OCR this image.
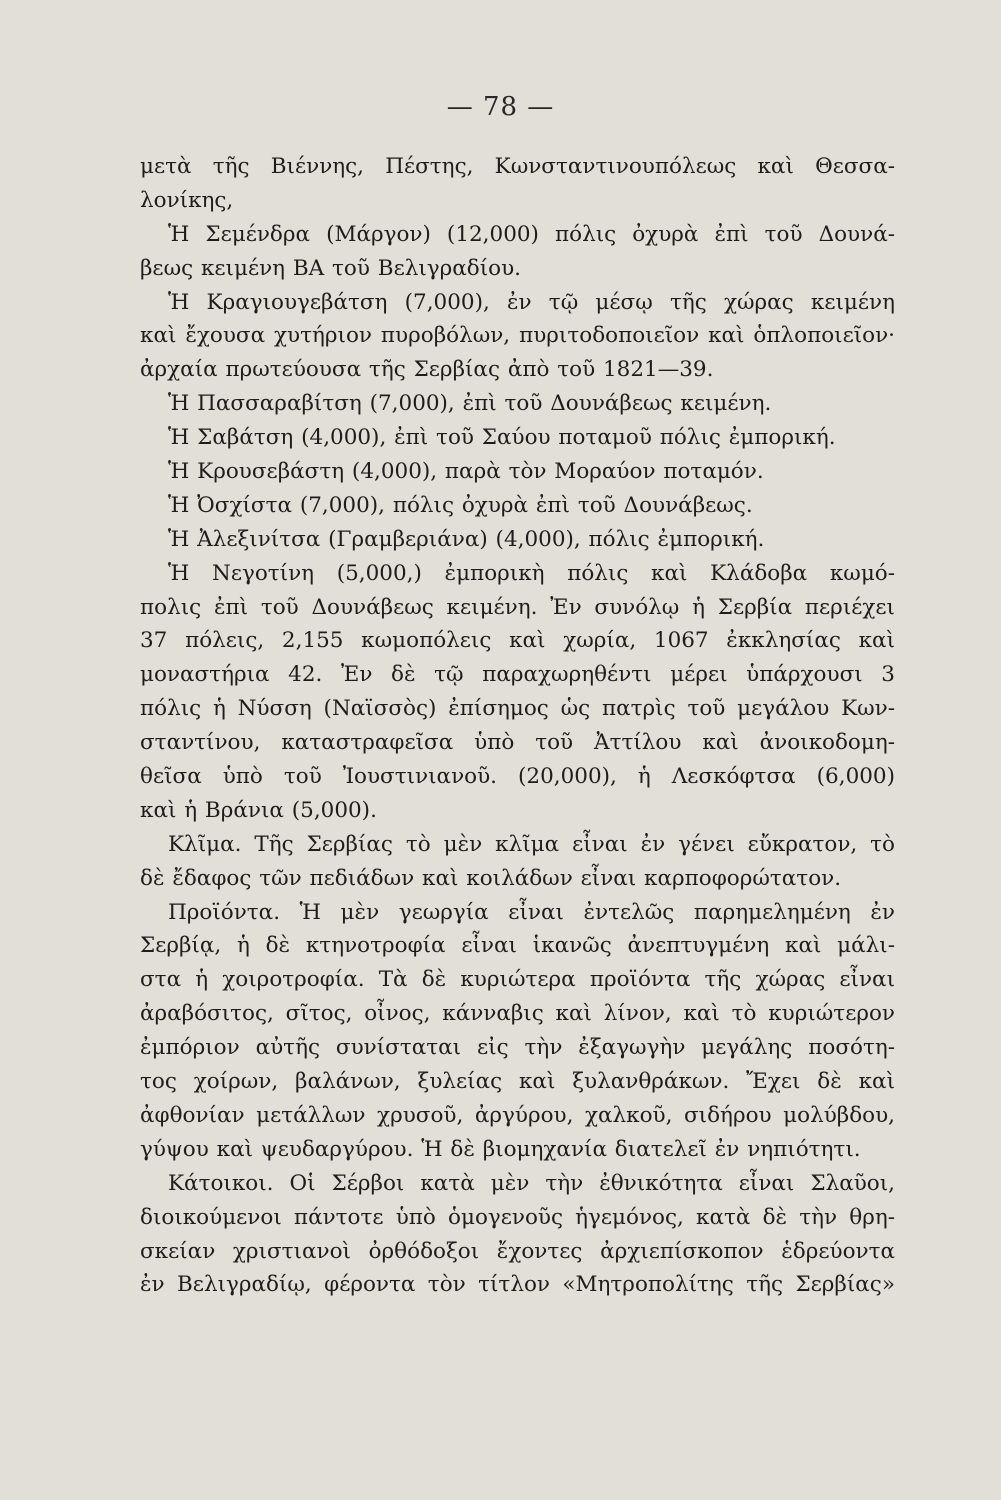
— 78 —
μετὰ τῆς Βιέννης, Πέστης, Κωνσταντινουπόλεως καὶ Θεσσα-
λονίκης,
Ἡ Σεμένδρα (Μάργον) (12,000) πόλις ὀχυρὰ ἐπὶ τοῦ Δουνά-
βεως κειμένη ΒΑ τοῦ Βελιγραδίου.
Ἡ Κραγιουγεβάτση (7,000), ἐν τῷ μέσῳ τῆς χώρας κειμένη
καὶ ἔχουσα χυτήριον πυροβόλων, πυριτοδοποιεῖον καὶ ὁπλοποιεῖον·
ἀρχαία πρωτεύουσα τῆς Σερβίας ἀπὸ τοῦ 1821—39.
Ἡ Πασσαραβίτση (7,000), ἐπὶ τοῦ Δουνάβεως κειμένη.
Ἡ Σαβάτση (4,000), ἐπὶ τοῦ Σαύου ποταμοῦ πόλις ἐμπορική.
Ἡ Κρουσεβάστη (4,000), παρὰ τὸν Μοραύον ποταμόν.
Ἡ Ὀσχίστα (7,000), πόλις ὀχυρὰ ἐπὶ τοῦ Δουνάβεως.
Ἡ Ἀλεξινίτσα (Γραμβεριάνα) (4,000), πόλις ἐμπορική.
Ἡ Νεγοτίνη (5,000,) ἐμπορικὴ πόλις καὶ Κλάδοβα κωμό-
πολις ἐπὶ τοῦ Δουνάβεως κειμένη. Ἐν συνόλῳ ἡ Σερβία περιέχει
37 πόλεις, 2,155 κωμοπόλεις καὶ χωρία, 1067 ἐκκλησίας καὶ
μοναστήρια 42. Ἐν δὲ τῷ παραχωρηθέντι μέρει ὑπάρχουσι 3
πόλις ἡ Νύσση (Ναϊσσὸς) ἐπίσημος ὡς πατρὶς τοῦ μεγάλου Κων-
σταντίνου, καταστραφεῖσα ὑπὸ τοῦ Ἀττίλου καὶ ἀνοικοδομη-
θεῖσα ὑπὸ τοῦ Ἰουστινιανοῦ. (20,000), ἡ Λεσκόφτσα (6,000)
καὶ ἡ Βράνια (5,000).
Κλῖμα. Τῆς Σερβίας τὸ μὲν κλῖμα εἶναι ἐν γένει εὔκρατον, τὸ
δὲ ἔδαφος τῶν πεδιάδων καὶ κοιλάδων εἶναι καρποφορώτατον.
Προϊόντα. Ἡ μὲν γεωργία εἶναι ἐντελῶς παρημελημένη ἐν
Σερβίᾳ, ἡ δὲ κτηνοτροφία εἶναι ἱκανῶς ἀνεπτυγμένη καὶ μάλι-
στα ἡ χοιροτροφία. Τὰ δὲ κυριώτερα προϊόντα τῆς χώρας εἶναι
ἀραβόσιτος, σῖτος, οἶνος, κάνναβις καὶ λίνον, καὶ τὸ κυριώτερον
ἐμπόριον αὐτῆς συνίσταται εἰς τὴν ἐξαγωγὴν μεγάλης ποσότη-
τος χοίρων, βαλάνων, ξυλείας καὶ ξυλανθράκων. Ἔχει δὲ καὶ
ἀφθονίαν μετάλλων χρυσοῦ, ἀργύρου, χαλκοῦ, σιδήρου μολύβδου,
γύψου καὶ ψευδαργύρου. Ἡ δὲ βιομηχανία διατελεῖ ἐν νηπιότητι.
Κάτοικοι. Οἱ Σέρβοι κατὰ μὲν τὴν ἐθνικότητα εἶναι Σλαῦοι,
διοικούμενοι πάντοτε ὑπὸ ὁμογενοῦς ἡγεμόνος, κατὰ δὲ τὴν θρη-
σκείαν χριστιανοὶ ὀρθόδοξοι ἔχοντες ἀρχιεπίσκοπον ἑδρεύοντα
ἐν Βελιγραδίῳ, φέροντα τὸν τίτλον «Μητροπολίτης τῆς Σερβίας»
